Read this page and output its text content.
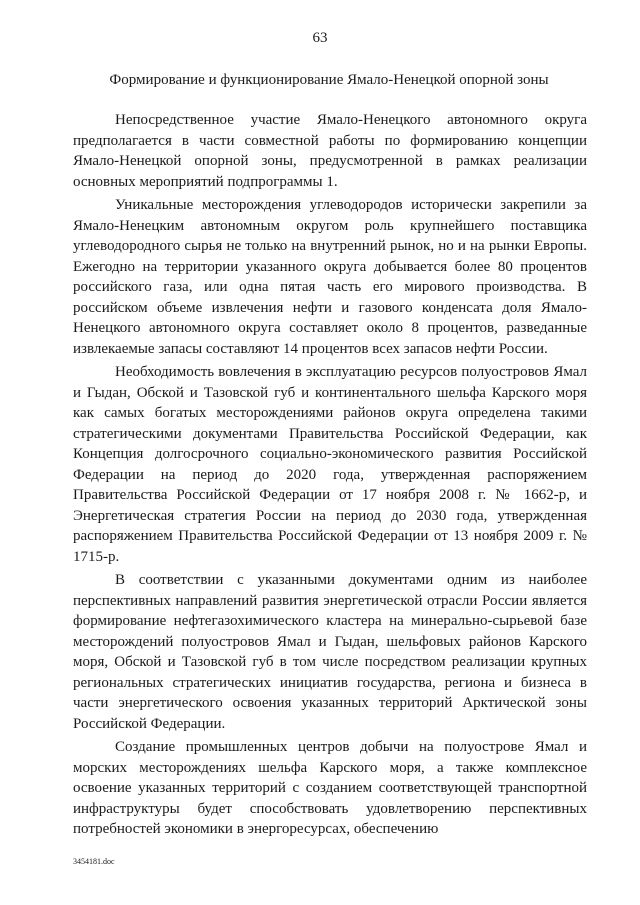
63
Формирование и функционирование Ямало-Ненецкой опорной зоны

Непосредственное участие Ямало-Ненецкого автономного округа предполагается в части совместной работы по формированию концепции Ямало-Ненецкой опорной зоны, предусмотренной в рамках реализации основных мероприятий подпрограммы 1.

Уникальные месторождения углеводородов исторически закрепили за Ямало-Ненецким автономным округом роль крупнейшего поставщика углеводородного сырья не только на внутренний рынок, но и на рынки Европы. Ежегодно на территории указанного округа добывается более 80 процентов российского газа, или одна пятая часть его мирового производства. В российском объеме извлечения нефти и газового конденсата доля Ямало-Ненецкого автономного округа составляет около 8 процентов, разведанные извлекаемые запасы составляют 14 процентов всех запасов нефти России.

Необходимость вовлечения в эксплуатацию ресурсов полуостровов Ямал и Гыдан, Обской и Тазовской губ и континентального шельфа Карского моря как самых богатых месторождениями районов округа определена такими стратегическими документами Правительства Российской Федерации, как Концепция долгосрочного социально-экономического развития Российской Федерации на период до 2020 года, утвержденная распоряжением Правительства Российской Федерации от 17 ноября 2008 г. № 1662-р, и Энергетическая стратегия России на период до 2030 года, утвержденная распоряжением Правительства Российской Федерации от 13 ноября 2009 г. № 1715-р.

В соответствии с указанными документами одним из наиболее перспективных направлений развития энергетической отрасли России является формирование нефтегазохимического кластера на минерально-сырьевой базе месторождений полуостровов Ямал и Гыдан, шельфовых районов Карского моря, Обской и Тазовской губ в том числе посредством реализации крупных региональных стратегических инициатив государства, региона и бизнеса в части энергетического освоения указанных территорий Арктической зоны Российской Федерации.

Создание промышленных центров добычи на полуострове Ямал и морских месторождениях шельфа Карского моря, а также комплексное освоение указанных территорий с созданием соответствующей транспортной инфраструктуры будет способствовать удовлетворению перспективных потребностей экономики в энергоресурсах, обеспечению

3454181.doc
